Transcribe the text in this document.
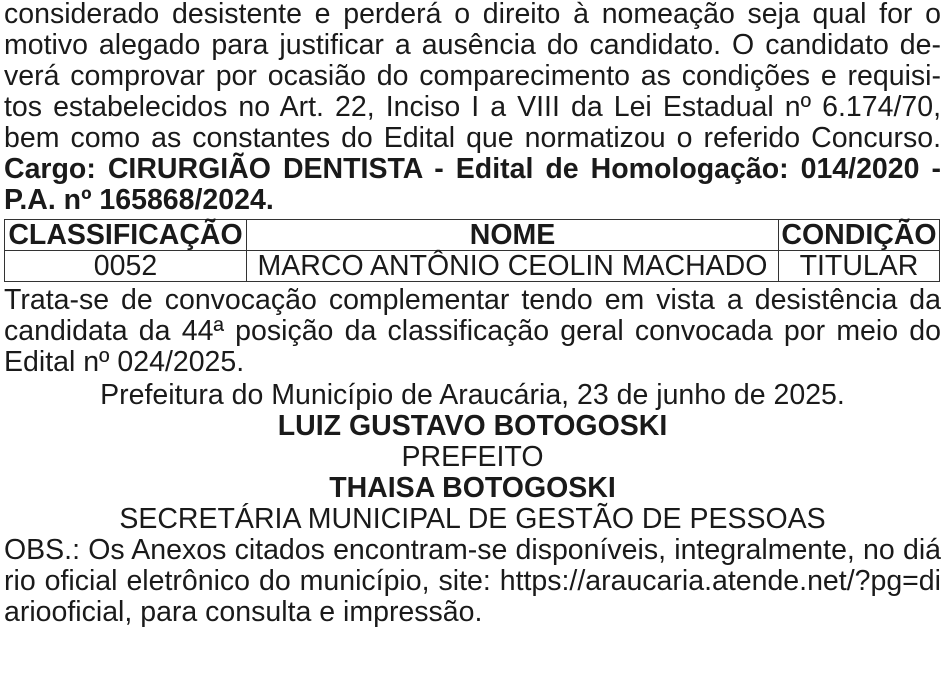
considerado desistente e perderá o direito à nomeação seja qual for o

motivo alegado para justificar a ausência do candidato. O candidato de-

verá comprovar por ocasião do comparecimento as condições e requisi-

tos estabelecidos no Art. 22, Inciso I a VIII da Lei Estadual nº 6.174/70,

bem como as constantes do Edital que normatizou o referido Concurso.

Cargo: CIRURGIÃO DENTISTA - Edital de Homologação: 014/2020 - P.A. nº 165868/2024.

CLASSIFICAÇÃO	NOME	CONDIÇÃO
0052	MARCO ANTÔNIO CEOLIN MACHADO	TITULAR

Trata-se de convocação complementar tendo em vista a desistência da candidata da 44ª posição da classificação geral convocada por meio do Edital nº 024/2025.

Prefeitura do Município de Araucária, 23 de junho de 2025.

LUIZ GUSTAVO BOTOGOSKI

PREFEITO

THAISA BOTOGOSKI

SECRETÁRIA MUNICIPAL DE GESTÃO DE PESSOAS

OBS.: Os Anexos citados encontram-se disponíveis, integralmente, no diário oficial eletrônico do município, site: https://araucaria.atende.net/?pg=diariooficial, para consulta e impressão.
